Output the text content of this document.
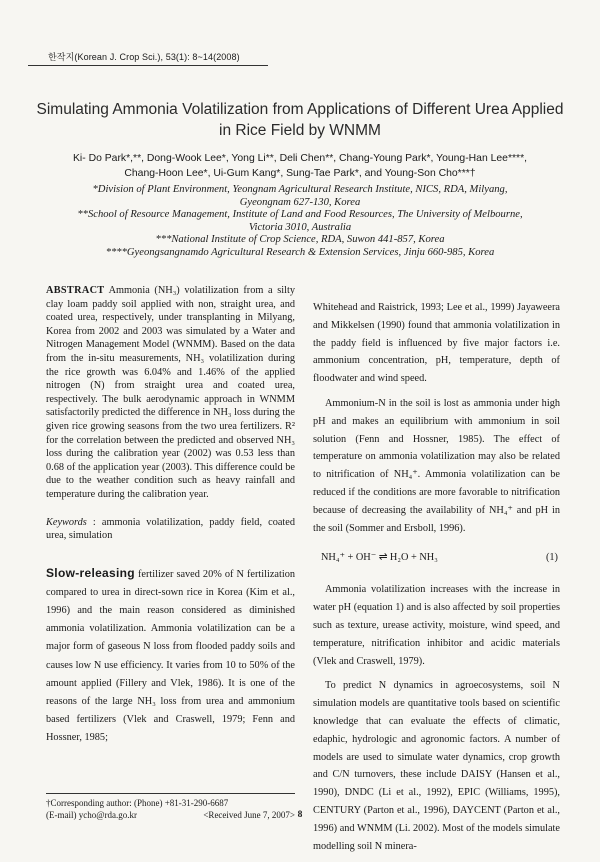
한작지(Korean J. Crop Sci.), 53(1): 8~14(2008)
Simulating Ammonia Volatilization from Applications of Different Urea Applied
in Rice Field by WNMM
Ki- Do Park*,**, Dong-Wook Lee*, Yong Li**, Deli Chen**, Chang-Young Park*, Young-Han Lee****,
Chang-Hoon Lee*, Ui-Gum Kang*, Sung-Tae Park*, and Young-Son Cho***†
*Division of Plant Environment, Yeongnam Agricultural Research Institute, NICS, RDA, Milyang,
Gyeongnam 627-130, Korea
**School of Resource Management, Institute of Land and Food Resources, The University of Melbourne,
Victoria 3010, Australia
***National Institute of Crop Science, RDA, Suwon 441-857, Korea
****Gyeongsangnamdo Agricultural Research & Extension Services, Jinju 660-985, Korea

ABSTRACT Ammonia (NH₃) volatilization from a silty clay loam paddy soil applied with non, straight urea, and coated urea, respectively, under transplanting in Milyang, Korea from 2002 and 2003 was simulated by a Water and Nitrogen Management Model (WNMM). Based on the data from the in-situ measurements, NH₃ volatilization during the rice growth was 6.04% and 1.46% of the applied nitrogen (N) from straight urea and coated urea, respectively. The bulk aerodynamic approach in WNMM satisfactorily predicted the difference in NH₃ loss during the given rice growing seasons from the two urea fertilizers. R² for the correlation between the predicted and observed NH₃ loss during the calibration year (2002) was 0.53 less than 0.68 of the application year (2003). This difference could be due to the weather condition such as heavy rainfall and temperature during the calibration year.

Keywords : ammonia volatilization, paddy field, coated urea, simulation

Slow-releasing fertilizer saved 20% of N fertilization compared to urea in direct-sown rice in Korea (Kim et al., 1996) and the main reason considered as diminished ammonia volatilization. Ammonia volatilization can be a major form of gaseous N loss from flooded paddy soils and causes low N use efficiency. It varies from 10 to 50% of the amount applied (Fillery and Vlek, 1986). It is one of the reasons of the large NH₃ loss from urea and ammonium based fertilizers (Vlek and Craswell, 1979; Fenn and Hossner, 1985;

Whitehead and Raistrick, 1993; Lee et al., 1999) Jayaweera and Mikkelsen (1990) found that ammonia volatilization in the paddy field is influenced by five major factors i.e. ammonium concentration, pH, temperature, depth of floodwater and wind speed.

Ammonium-N in the soil is lost as ammonia under high pH and makes an equilibrium with ammonium in soil solution (Fenn and Hossner, 1985). The effect of temperature on ammonia volatilization may also be related to nitrification of NH₄⁺. Ammonia volatilization can be reduced if the conditions are more favorable to nitrification because of decreasing the availability of NH₄⁺ and pH in the soil (Sommer and Ersboll, 1996).

NH₄⁺ + OH⁻ ⇌ H₂O + NH₃	(1)

Ammonia volatilization increases with the increase in water pH (equation 1) and is also affected by soil properties such as texture, urease activity, moisture, wind speed, and temperature, nitrification inhibitor and acidic materials (Vlek and Craswell, 1979).

To predict N dynamics in agroecosystems, soil N simulation models are quantitative tools based on scientific knowledge that can evaluate the effects of climatic, edaphic, hydrologic and agronomic factors. A number of models are used to simulate water dynamics, crop growth and C/N turnovers, these include DAISY (Hansen et al., 1990), DNDC (Li et al., 1992), EPIC (Williams, 1995), CENTURY (Parton et al., 1996), DAYCENT (Parton et al., 1996) and WNMM (Li. 2002). Most of the models simulate modelling soil N minera-

†Corresponding author: (Phone) +81-31-290-6687
(E-mail) ycho@rda.go.kr	<Received June 7, 2007> 8
